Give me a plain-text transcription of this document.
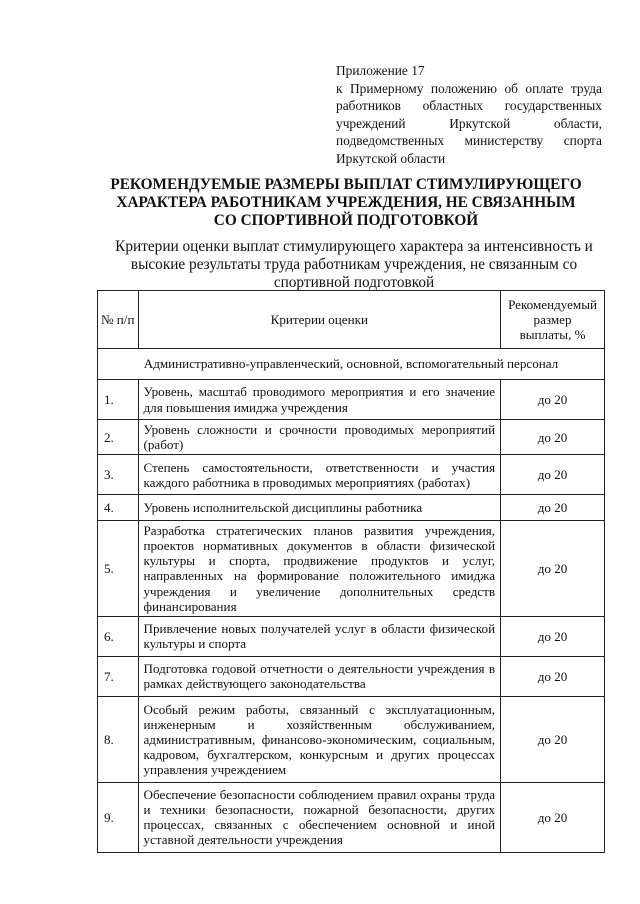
Приложение 17
к Примерному положению об оплате труда
работников областных государственных
учреждений Иркутской области,
подведомственных министерству спорта
Иркутской области
РЕКОМЕНДУЕМЫЕ РАЗМЕРЫ ВЫПЛАТ СТИМУЛИРУЮЩЕГО
ХАРАКТЕРА РАБОТНИКАМ УЧРЕЖДЕНИЯ, НЕ СВЯЗАННЫМ
СО СПОРТИВНОЙ ПОДГОТОВКОЙ
Критерии оценки выплат стимулирующего характера за интенсивность и
высокие результаты труда работникам учреждения, не связанным со
спортивной подготовкой
№ п/п	Критерии оценки	Рекомендуемый размер выплаты, %
Административно-управленческий, основной, вспомогательный персонал		
1.	Уровень, масштаб проводимого мероприятия и его значение для повышения имиджа учреждения	до 20
2.	Уровень сложности и срочности проводимых мероприятий (работ)	до 20
3.	Степень самостоятельности, ответственности и участия каждого работника в проводимых мероприятиях (работах)	до 20
4.	Уровень исполнительской дисциплины работника	до 20
5.	Разработка стратегических планов развития учреждения, проектов нормативных документов в области физической культуры и спорта, продвижение продуктов и услуг, направленных на формирование положительного имиджа учреждения и увеличение дополнительных средств финансирования	до 20
6.	Привлечение новых получателей услуг в области физической культуры и спорта	до 20
7.	Подготовка годовой отчетности о деятельности учреждения в рамках действующего законодательства	до 20
8.	Особый режим работы, связанный с эксплуатационным, инженерным и хозяйственным обслуживанием, административным, финансово-экономическим, социальным, кадровом, бухгалтерском, конкурсным и других процессах управления учреждением	до 20
9.	Обеспечение безопасности соблюдением правил охраны труда и техники безопасности, пожарной безопасности, других процессах, связанных с обеспечением основной и иной уставной деятельности учреждения	до 20
